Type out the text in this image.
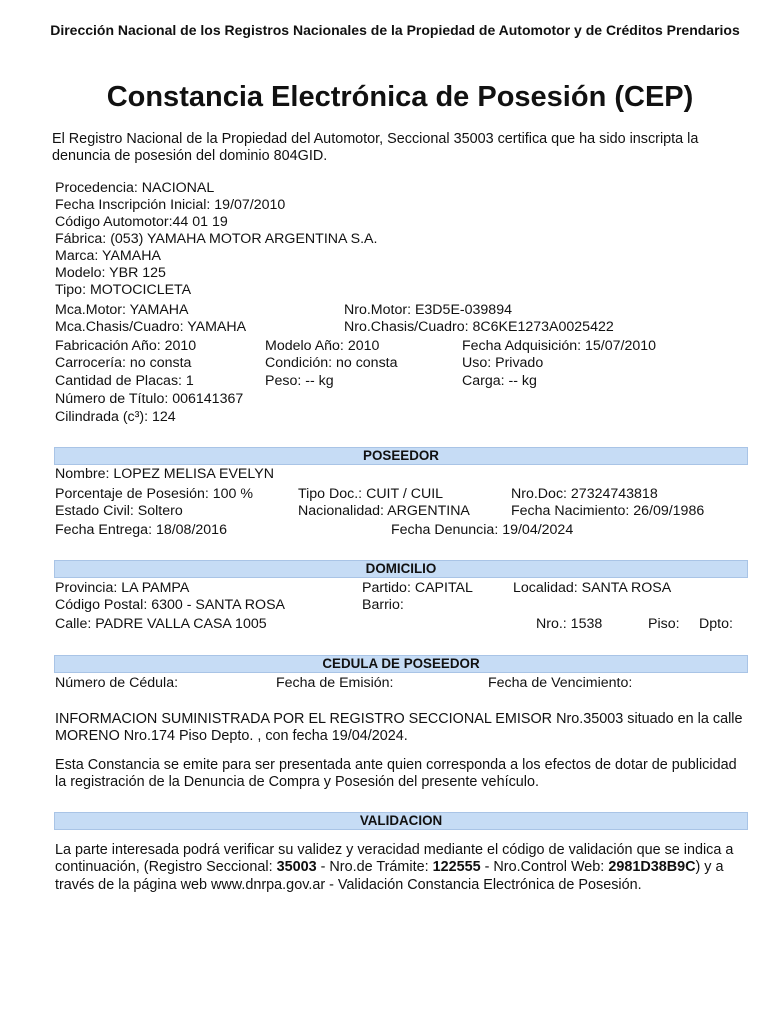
Dirección Nacional de los Registros Nacionales de la Propiedad de Automotor y de Créditos Prendarios
Constancia Electrónica de Posesión (CEP)
El Registro Nacional de la Propiedad del Automotor, Seccional 35003 certifica que ha sido inscripta la denuncia de posesión del dominio 804GID.
Procedencia: NACIONAL
Fecha Inscripción Inicial: 19/07/2010
Código Automotor:44 01 19
Fábrica: (053) YAMAHA MOTOR ARGENTINA S.A.
Marca: YAMAHA
Modelo: YBR 125
Tipo: MOTOCICLETA
Mca.Motor: YAMAHA	Nro.Motor: E3D5E-039894
Mca.Chasis/Cuadro: YAMAHA	Nro.Chasis/Cuadro: 8C6KE1273A0025422
Fabricación Año: 2010	Modelo Año: 2010	Fecha Adquisición: 15/07/2010
Carrocería: no consta	Condición: no consta	Uso: Privado
Cantidad de Placas: 1	Peso: -- kg	Carga: -- kg
Número de Título: 006141367
Cilindrada (c³): 124
POSEEDOR
Nombre: LOPEZ MELISA EVELYN
Porcentaje de Posesión: 100 %	Tipo Doc.: CUIT / CUIL	Nro.Doc: 27324743818
Estado Civil: Soltero	Nacionalidad: ARGENTINA	Fecha Nacimiento: 26/09/1986
Fecha Entrega: 18/08/2016	Fecha Denuncia: 19/04/2024
DOMICILIO
Provincia: LA PAMPA	Partido: CAPITAL	Localidad: SANTA ROSA
Código Postal: 6300 - SANTA ROSA	Barrio:
Calle: PADRE VALLA CASA 1005	Nro.: 1538	Piso: Dpto:
CEDULA DE POSEEDOR
Número de Cédula:	Fecha de Emisión:	Fecha de Vencimiento:
INFORMACION SUMINISTRADA POR EL REGISTRO SECCIONAL EMISOR Nro.35003 situado en la calle MORENO Nro.174 Piso Depto. , con fecha 19/04/2024.
Esta Constancia se emite para ser presentada ante quien corresponda a los efectos de dotar de publicidad la registración de la Denuncia de Compra y Posesión del presente vehículo.
VALIDACION
La parte interesada podrá verificar su validez y veracidad mediante el código de validación que se indica a continuación, (Registro Seccional: 35003 - Nro.de Trámite: 122555 - Nro.Control Web: 2981D38B9C) y a través de la página web www.dnrpa.gov.ar - Validación Constancia Electrónica de Posesión.
